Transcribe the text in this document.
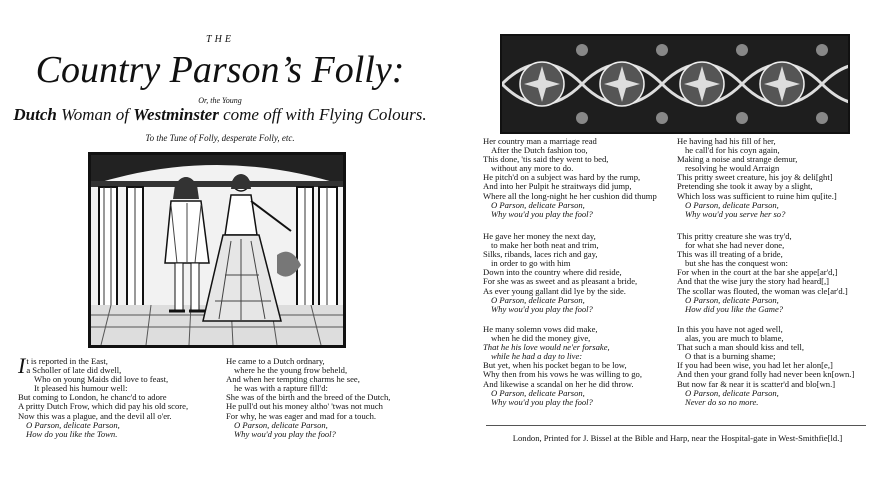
THE
Country Parson’s Folly:
Or, the Young
Dutch Woman of Westminster come off with Flying Colours.
To the Tune of Folly, desperate Folly, etc.
It is reported in the East,
a Scholler of late did dwell,
Who on young Maids did love to feast,
It pleased his humour well:
But coming to London, he chanc'd to adore
A pritty Dutch Frow, which did pay his old score,
Now this was a plague, and the devil all o'er.
O Parson, delicate Parson,
How do you like the Town.
He came to a Dutch ordnary,
where he the young frow beheld,
And when her tempting charms he see,
he was with a rapture fill'd:
She was of the birth and the breed of the Dutch,
He pull'd out his money altho' 'twas not much
For why, he was eager and mad for a touch.
O Parson, delicate Parson,
Why wou'd you play the fool?
Her country man a marriage read
After the Dutch fashion too,
This done, 'tis said they went to bed,
without any more to do.
He pitch'd on a subject was hard by the rump,
And into her Pulpit he straitways did jump,
Where all the long-night he her cushion did thump
O Parson, delicate Parson,
Why wou'd you play the fool?
He gave her money the next day,
to make her both neat and trim,
Silks, ribands, laces rich and gay,
in order to go with him
Down into the country where did reside,
For she was as sweet and as pleasant a bride,
As ever young gallant did lye by the side.
O Parson, delicate Parson,
Why wou'd you play the fool?
He many solemn vows did make,
when he did the money give,
That he his love would ne'er forsake,
while he had a day to live:
But yet, when his pocket began to be low,
Why then from his vows he was willing to go,
And likewise a scandal on her he did throw.
O Parson, delicate Parson,
Why wou'd you play the fool?
He having had his fill of her,
he call'd for his coyn again,
Making a noise and strange demur,
resolving he would Arraign
This pritty sweet creature, his joy & deli[ght]
Pretending she took it away by a slight,
Which loss was sufficient to ruine him qu[ite.]
O Parson, delicate Parson,
Why wou'd you serve her so?
This pritty creature she was try'd,
for what she had never done,
This was ill treating of a bride,
but she has the conquest won:
For when in the court at the bar she appe[ar'd,]
And that the wise jury the story had heard[,]
The scollar was flouted, the woman was cle[ar'd.]
O Parson, delicate Parson,
How did you like the Game?
In this you have not aged well,
alas, you are much to blame,
That such a man should kiss and tell,
O that is a burning shame;
If you had been wise, you had let her alon[e,]
And then your grand folly had never been kn[own.]
But now far & near it is scatter'd and blo[wn.]
O Parson, delicate Parson,
Never do so no more.
London, Printed for J. Bissel at the Bible and Harp, near the Hospital-gate in West-Smithfie[ld.]
